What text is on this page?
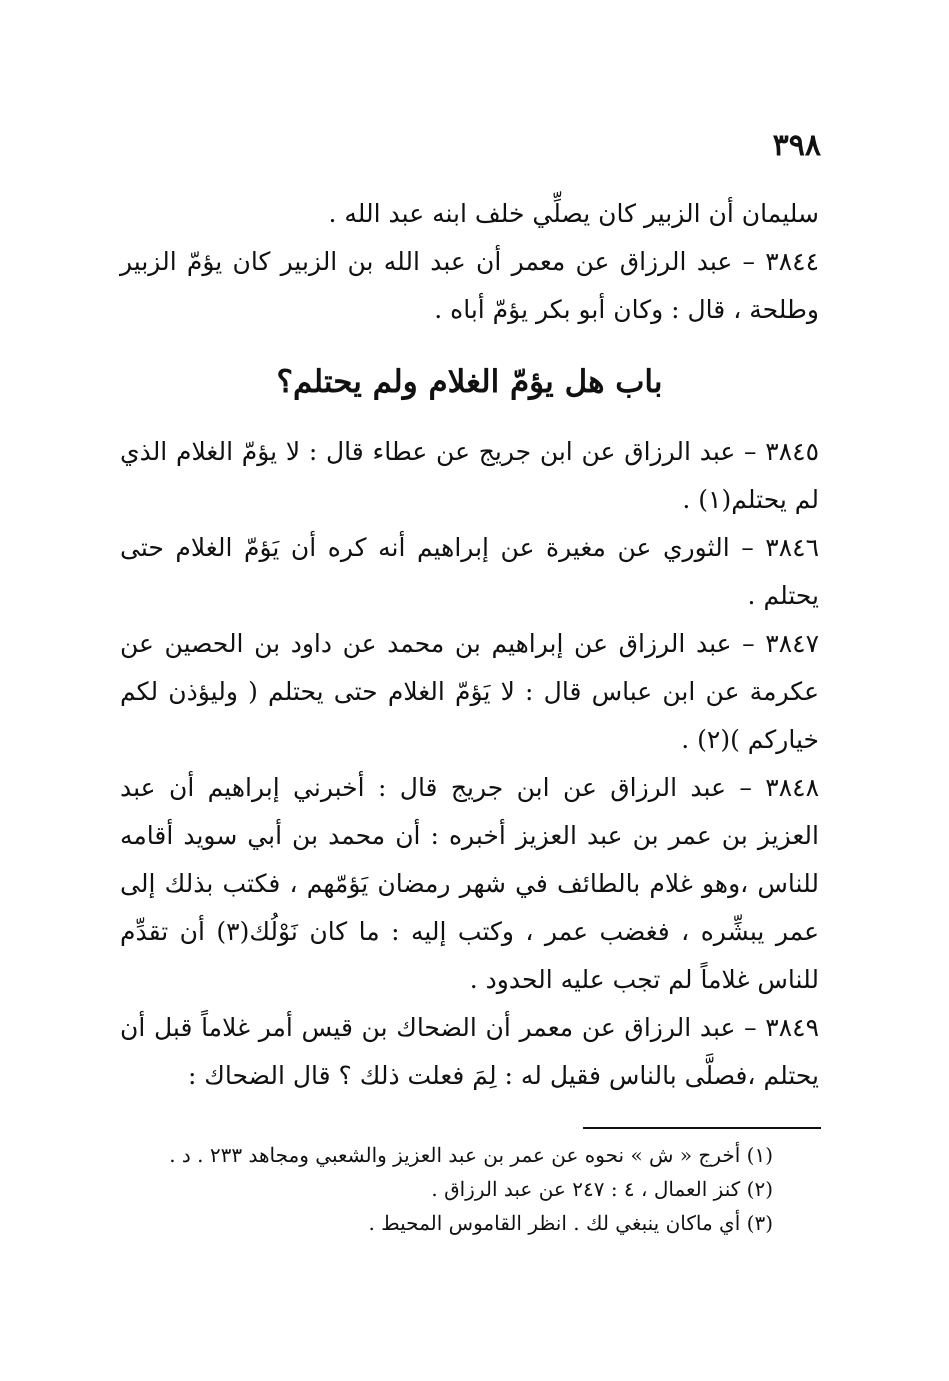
٣٩٨

سليمان أن الزبير كان يصلِّي خلف ابنه عبد الله .

٣٨٤٤ – عبد الرزاق عن معمر أن عبد الله بن الزبير كان يؤمّ الزبير وطلحة ، قال : وكان أبو بكر يؤمّ أباه .

باب هل يؤمّ الغلام ولم يحتلم؟

٣٨٤٥ – عبد الرزاق عن ابن جريج عن عطاء قال : لا يؤمّ الغلام الذي لم يحتلم(١) .

٣٨٤٦ – الثوري عن مغيرة عن إبراهيم أنه كره أن يَؤمّ الغلام حتى يحتلم .

٣٨٤٧ – عبد الرزاق عن إبراهيم بن محمد عن داود بن الحصين عن عكرمة عن ابن عباس قال : لا يَؤمّ الغلام حتى يحتلم ( وليؤذن لكم خياركم )(٢) .

٣٨٤٨ – عبد الرزاق عن ابن جريج قال : أخبرني إبراهيم أن عبد العزيز بن عمر بن عبد العزيز أخبره : أن محمد بن أبي سويد أقامه للناس ،وهو غلام بالطائف في شهر رمضان يَؤمّهم ، فكتب بذلك إلى عمر يبشِّره ، فغضب عمر ، وكتب إليه : ما كان نَوْلُك(٣) أن تقدِّم للناس غلاماً لم تجب عليه الحدود .

٣٨٤٩ – عبد الرزاق عن معمر أن الضحاك بن قيس أمر غلاماً قبل أن يحتلم ،فصلَّى بالناس فقيل له : لِمَ فعلت ذلك ؟ قال الضحاك :

(١) أخرج « ش » نحوه عن عمر بن عبد العزيز والشعبي ومجاهد ٢٣٣ . د .

(٢) كنز العمال ، ٤ : ٢٤٧ عن عبد الرزاق .

(٣) أي ماكان ينبغي لك . انظر القاموس المحيط .
